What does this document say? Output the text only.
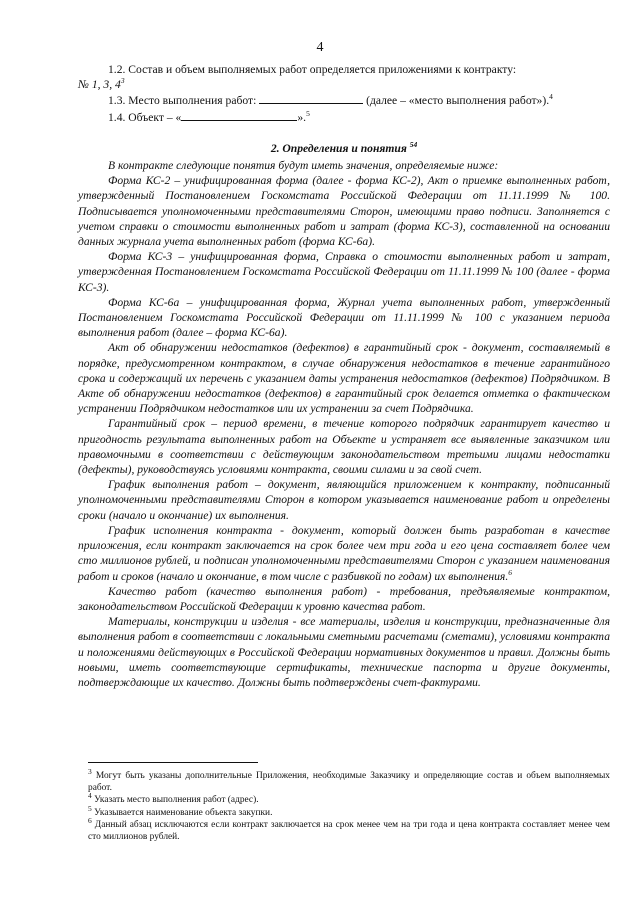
4

1.2. Состав и объем выполняемых работ определяется приложениями к контракту:

№ 1, 3, $4^3$

1.3. Место выполнения работ:	(далее – «место выполнения работ»).$^4$

1.4. Объект – «	».$^5$

2. Определения и понятия $^{54}$

В контракте следующие понятия будут иметь значения, определяемые ниже:

Форма КС-2 – унифицированная форма (далее - форма КС-2), Акт о приемке выполненных работ, утвержденный Постановлением Госкомстата Российской Федерации от 11.11.1999 № 100. Подписывается уполномоченными представителями Сторон, имеющими право подписи. Заполняется с учетом справки о стоимости выполненных работ и затрат (форма КС-3), составленной на основании данных журнала учета выполненных работ (форма КС-6а).

Форма КС-3 – унифицированная форма, Справка о стоимости выполненных работ и затрат, утвержденная Постановлением Госкомстата Российской Федерации от 11.11.1999 № 100 (далее - форма КС-3).

Форма КС-6а – унифицированная форма, Журнал учета выполненных работ, утвержденный Постановлением Госкомстата Российской Федерации от 11.11.1999 № 100 с указанием периода выполнения работ (далее – форма КС-6а).

Акт об обнаружении недостатков (дефектов) в гарантийный срок - документ, составляемый в порядке, предусмотренном контрактом, в случае обнаружения недостатков в течение гарантийного срока и содержащий их перечень с указанием даты устранения недостатков (дефектов) Подрядчиком. В Акте об обнаружении недостатков (дефектов) в гарантийный срок делается отметка о фактическом устранении Подрядчиком недостатков или их устранении за счет Подрядчика.

Гарантийный срок – период времени, в течение которого подрядчик гарантирует качество и пригодность результата выполненных работ на Объекте и устраняет все выявленные заказчиком или правомочными в соответствии с действующим законодательством третьими лицами недостатки (дефекты), руководствуясь условиями контракта, своими силами и за свой счет.

График выполнения работ – документ, являющийся приложением к контракту, подписанный уполномоченными представителями Сторон в котором указывается наименование работ и определены сроки (начало и окончание) их выполнения.

График исполнения контракта - документ, который должен быть разработан в качестве приложения, если контракт заключается на срок более чем три года и его цена составляет более чем сто миллионов рублей, и подписан уполномоченными представителями Сторон с указанием наименования работ и сроков (начало и окончание, в том числе с разбивкой по годам) их выполнения.$^6$

Качество работ (качество выполнения работ) - требования, предъявляемые контрактом, законодательством Российской Федерации к уровню качества работ.

Материалы, конструкции и изделия - все материалы, изделия и конструкции, предназначенные для выполнения работ в соответствии с локальными сметными расчетами (сметами), условиями контракта и положениями действующих в Российской Федерации нормативных документов и правил. Должны быть новыми, иметь соответствующие сертификаты, технические паспорта и другие документы, подтверждающие их качество. Должны быть подтверждены счет-фактурами.

$^3$ Могут быть указаны дополнительные Приложения, необходимые Заказчику и определяющие состав и объем выполняемых работ.

$^4$ Указать место выполнения работ (адрес).

$^5$ Указывается наименование объекта закупки.

$^6$ Данный абзац исключаются если контракт заключается на срок менее чем на три года и цена контракта составляет менее чем сто миллионов рублей.
